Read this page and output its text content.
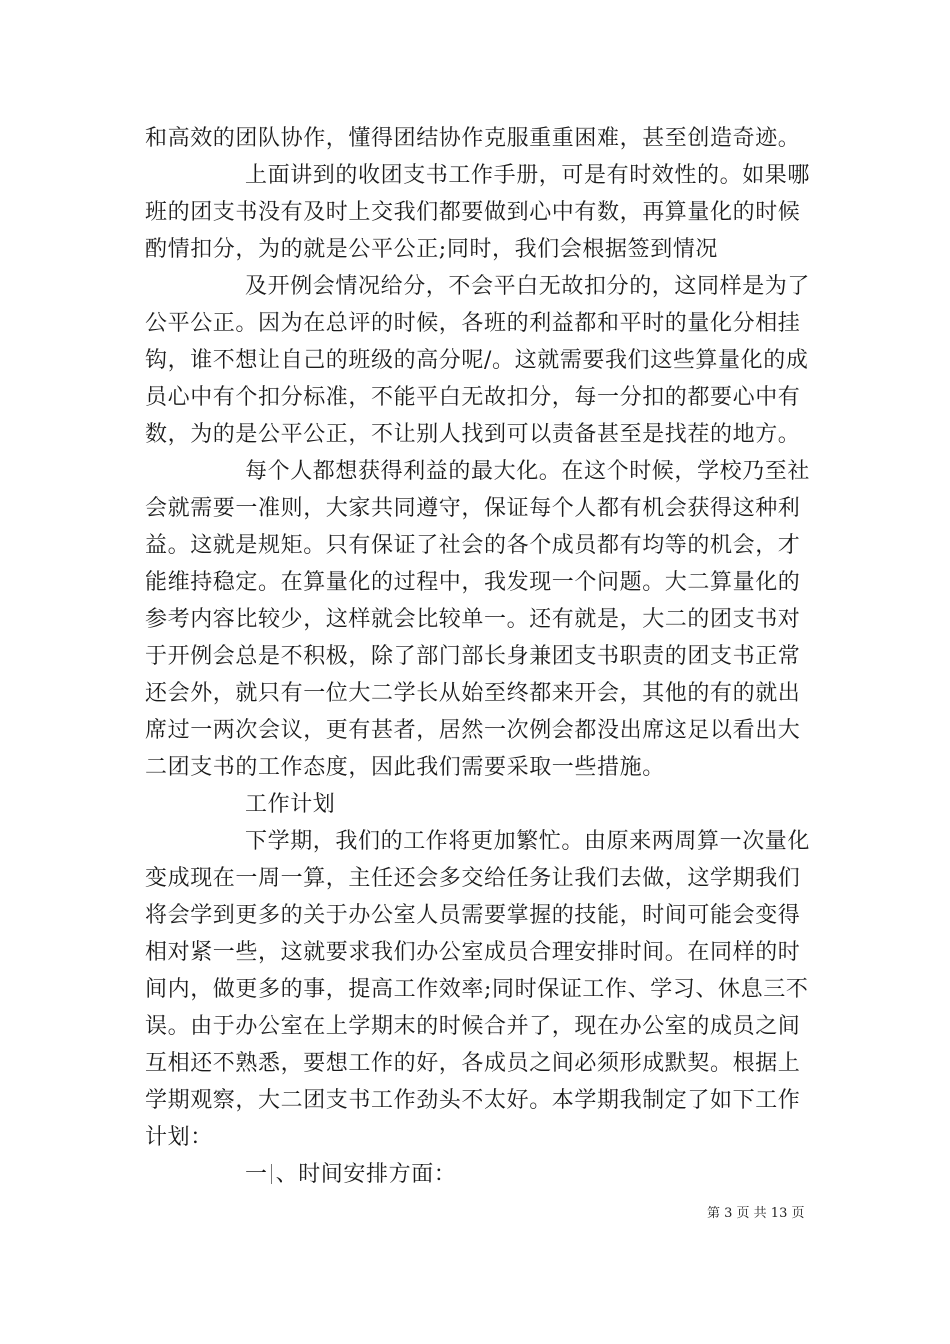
和高效的团队协作，懂得团结协作克服重重困难，甚至创造奇迹。
上面讲到的收团支书工作手册，可是有时效性的。如果哪
班的团支书没有及时上交我们都要做到心中有数，再算量化的时候
酌情扣分，为的就是公平公正;同时，我们会根据签到情况
及开例会情况给分，不会平白无故扣分的，这同样是为了
公平公正。因为在总评的时候，各班的利益都和平时的量化分相挂
钩，谁不想让自己的班级的高分呢/。这就需要我们这些算量化的成
员心中有个扣分标准，不能平白无故扣分，每一分扣的都要心中有
数，为的是公平公正，不让别人找到可以责备甚至是找茬的地方。
每个人都想获得利益的最大化。在这个时候，学校乃至社
会就需要一准则，大家共同遵守，保证每个人都有机会获得这种利
益。这就是规矩。只有保证了社会的各个成员都有均等的机会，才
能维持稳定。在算量化的过程中，我发现一个问题。大二算量化的
参考内容比较少，这样就会比较单一。还有就是，大二的团支书对
于开例会总是不积极，除了部门部长身兼团支书职责的团支书正常
还会外，就只有一位大二学长从始至终都来开会，其他的有的就出
席过一两次会议，更有甚者，居然一次例会都没出席这足以看出大
二团支书的工作态度，因此我们需要采取一些措施。
工作计划
下学期，我们的工作将更加繁忙。由原来两周算一次量化
变成现在一周一算，主任还会多交给任务让我们去做，这学期我们
将会学到更多的关于办公室人员需要掌握的技能，时间可能会变得
相对紧一些，这就要求我们办公室成员合理安排时间。在同样的时
间内，做更多的事，提高工作效率;同时保证工作、学习、休息三不
误。由于办公室在上学期末的时候合并了，现在办公室的成员之间
互相还不熟悉，要想工作的好，各成员之间必须形成默契。根据上
学期观察，大二团支书工作劲头不太好。本学期我制定了如下工作
计划：
一 、时间安排方面：
第 3 页 共 13 页
